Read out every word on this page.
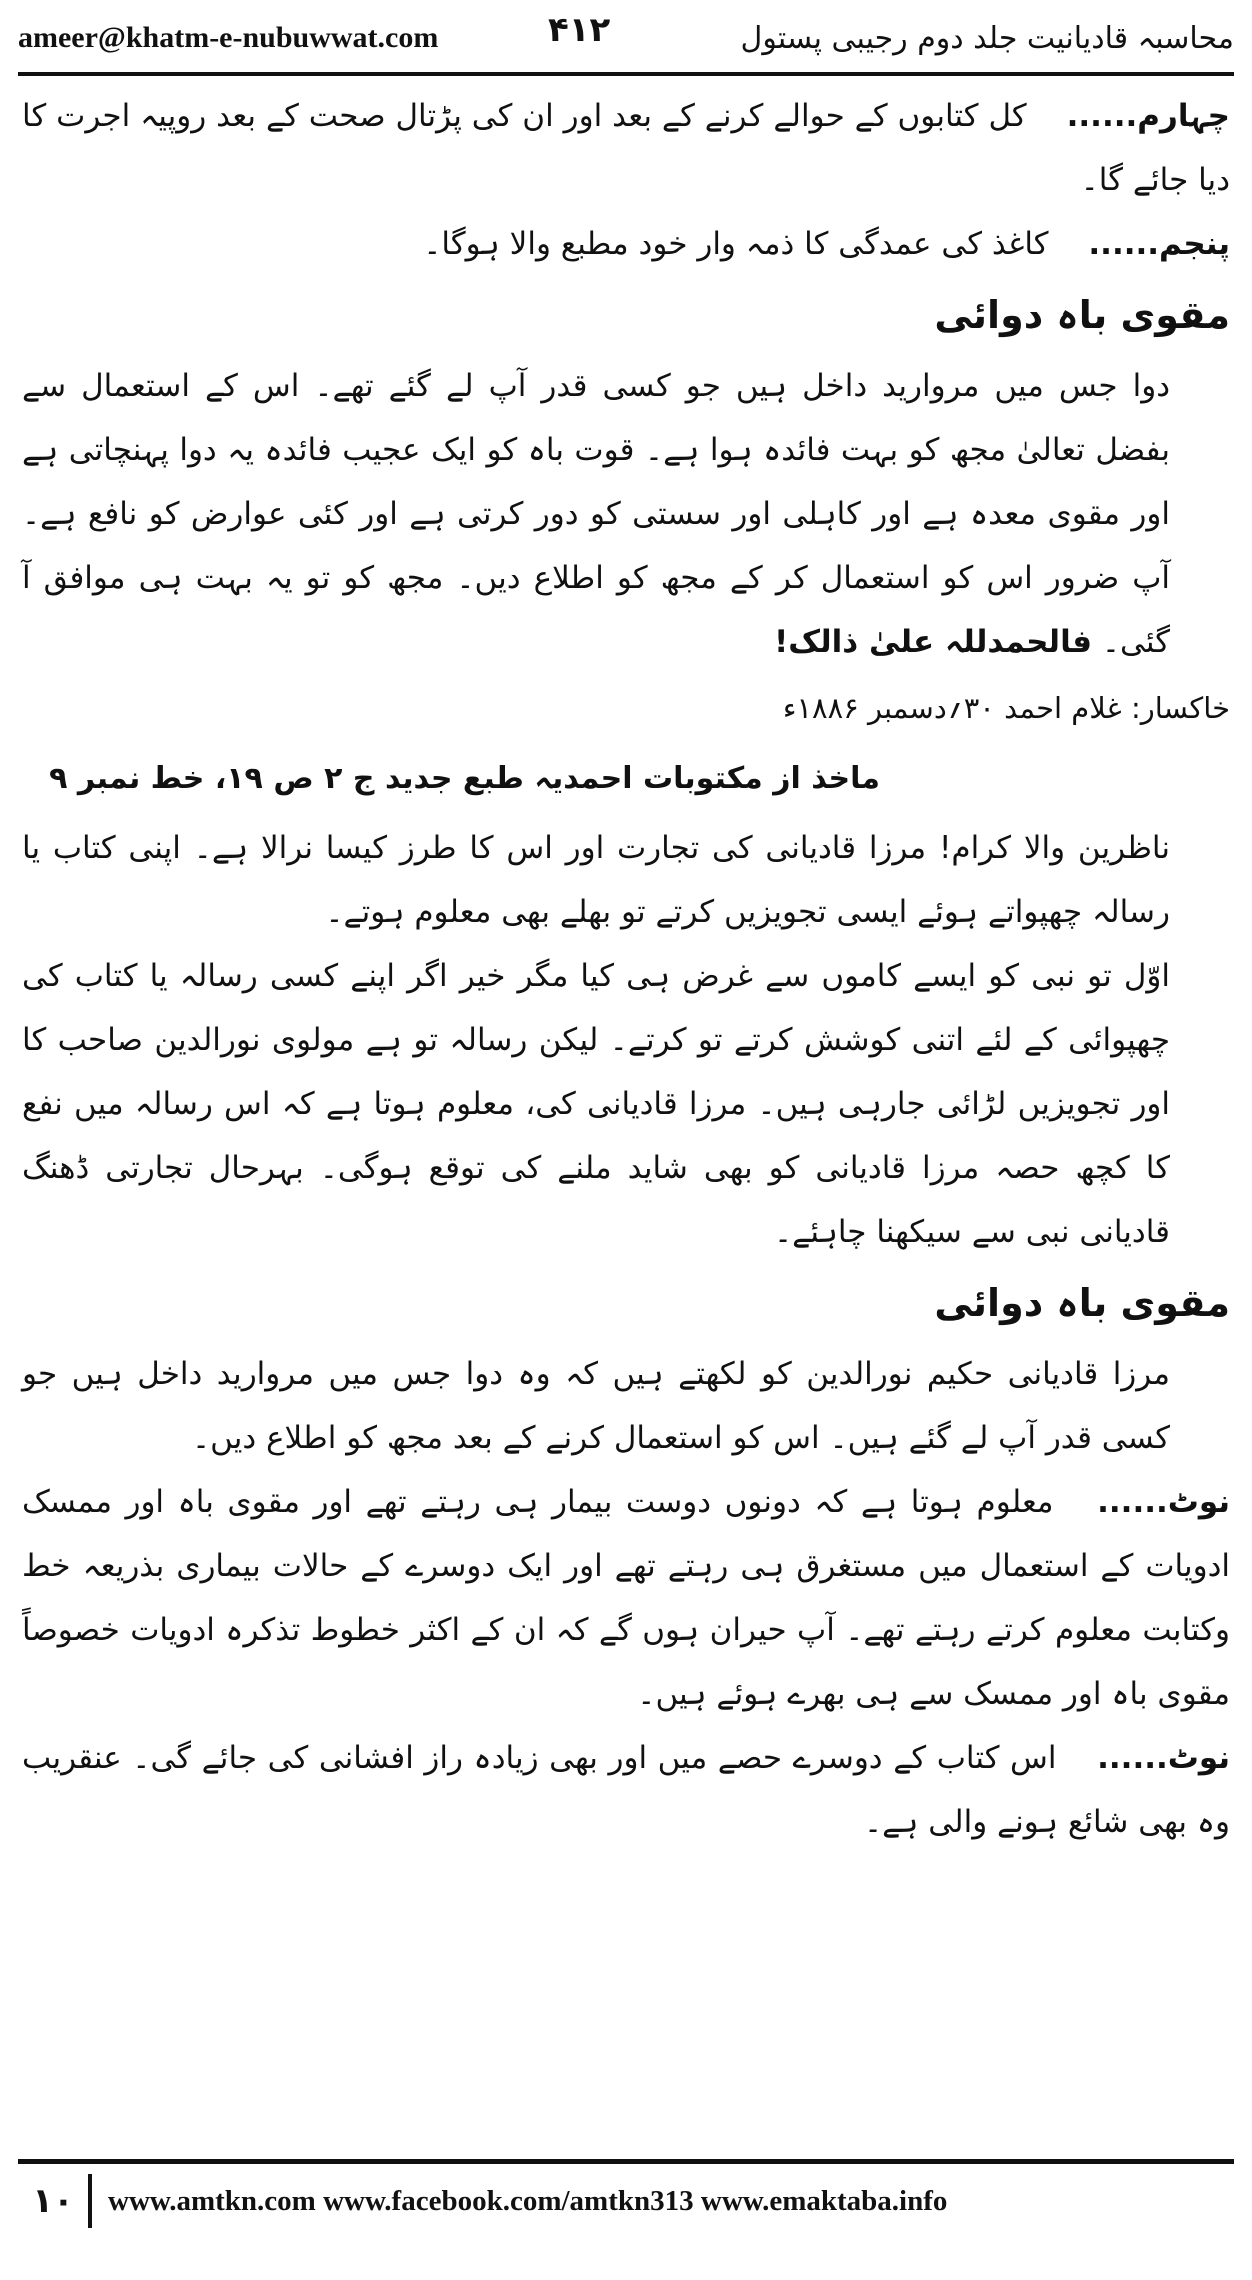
ameer@khatm-e-nubuwwat.com	۴۱۲	محاسبہ قادیانیت جلد دوم رجیبی پستول

چہارم...... کل کتابوں کے حوالے کرنے کے بعد اور ان کی پڑتال صحت کے بعد روپیہ اجرت کا دیا جائے گا۔

پنجم...... کاغذ کی عمدگی کا ذمہ وار خود مطبع والا ہوگا۔

مقوی باہ دوائی

دوا جس میں مروارید داخل ہیں جو کسی قدر آپ لے گئے تھے۔ اس کے استعمال سے بفضل تعالیٰ مجھ کو بہت فائدہ ہوا ہے۔ قوت باہ کو ایک عجیب فائدہ یہ دوا پہنچاتی ہے اور مقوی معدہ ہے اور کاہلی اور سستی کو دور کرتی ہے اور کئی عوارض کو نافع ہے۔ آپ ضرور اس کو استعمال کر کے مجھ کو اطلاع دیں۔ مجھ کو تو یہ بہت ہی موافق آ گئی۔ فالحمدللہ علیٰ ذالک!

خاکسار: غلام احمد ۳۰؍دسمبر ۱۸۸۶ء

ماخذ از مکتوبات احمدیہ طبع جدید ج ۲ ص ۱۹، خط نمبر ۹

ناظرین والا کرام! مرزا قادیانی کی تجارت اور اس کا طرز کیسا نرالا ہے۔ اپنی کتاب یا رسالہ چھپواتے ہوئے ایسی تجویزیں کرتے تو بھلے بھی معلوم ہوتے۔

اوّل تو نبی کو ایسے کاموں سے غرض ہی کیا مگر خیر اگر اپنے کسی رسالہ یا کتاب کی چھپوائی کے لئے اتنی کوشش کرتے تو کرتے۔ لیکن رسالہ تو ہے مولوی نورالدین صاحب کا اور تجویزیں لڑائی جارہی ہیں۔ مرزا قادیانی کی، معلوم ہوتا ہے کہ اس رسالہ میں نفع کا کچھ حصہ مرزا قادیانی کو بھی شاید ملنے کی توقع ہوگی۔ بہرحال تجارتی ڈھنگ قادیانی نبی سے سیکھنا چاہئے۔

مقوی باہ دوائی

مرزا قادیانی حکیم نورالدین کو لکھتے ہیں کہ وہ دوا جس میں مروارید داخل ہیں جو کسی قدر آپ لے گئے ہیں۔ اس کو استعمال کرنے کے بعد مجھ کو اطلاع دیں۔

نوٹ...... معلوم ہوتا ہے کہ دونوں دوست بیمار ہی رہتے تھے اور مقوی باہ اور ممسک ادویات کے استعمال میں مستغرق ہی رہتے تھے اور ایک دوسرے کے حالات بیماری بذریعہ خط وکتابت معلوم کرتے رہتے تھے۔ آپ حیران ہوں گے کہ ان کے اکثر خطوط تذکرہ ادویات خصوصاً مقوی باہ اور ممسک سے ہی بھرے ہوئے ہیں۔

نوٹ...... اس کتاب کے دوسرے حصے میں اور بھی زیادہ راز افشانی کی جائے گی۔ عنقریب وہ بھی شائع ہونے والی ہے۔

۱۰	www.amtkn.com www.facebook.com/amtkn313 www.emaktaba.info
